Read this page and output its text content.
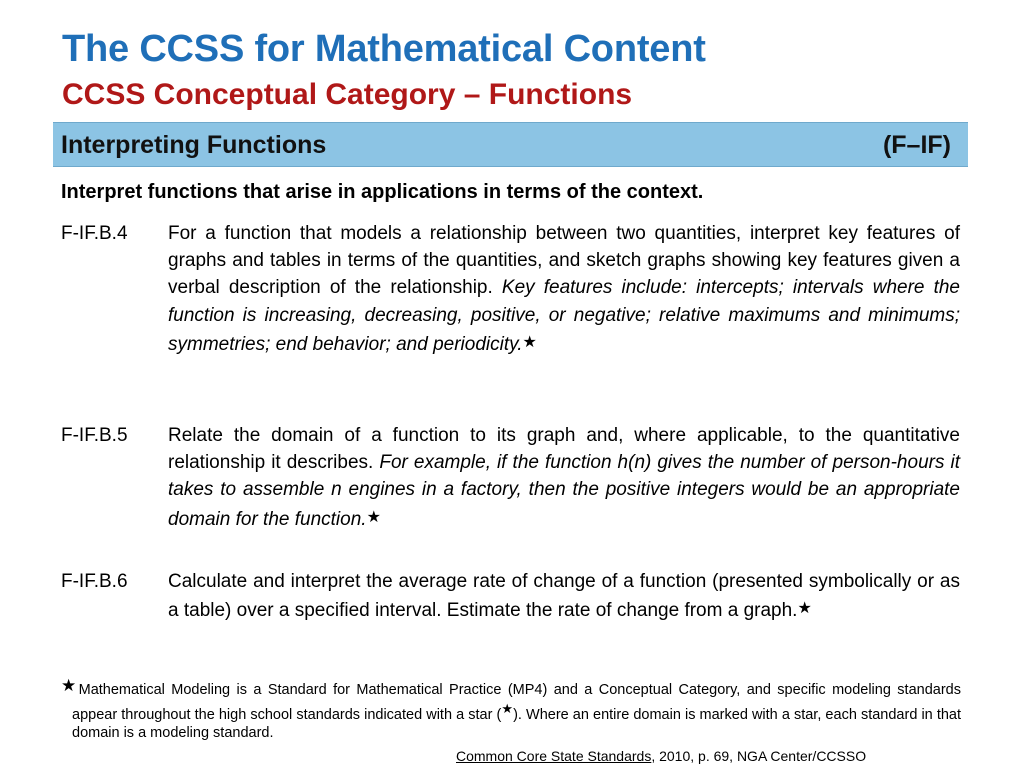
The CCSS for Mathematical Content
CCSS Conceptual Category – Functions
Interpreting Functions	(F–IF)
Interpret functions that arise in applications in terms of the context.
F-IF.B.4 For a function that models a relationship between two quantities, interpret key features of graphs and tables in terms of the quantities, and sketch graphs showing key features given a verbal description of the relationship. Key features include: intercepts; intervals where the function is increasing, decreasing, positive, or negative; relative maximums and minimums; symmetries; end behavior; and periodicity.★
F-IF.B.5 Relate the domain of a function to its graph and, where applicable, to the quantitative relationship it describes. For example, if the function h(n) gives the number of person-hours it takes to assemble n engines in a factory, then the positive integers would be an appropriate domain for the function.★
F-IF.B.6 Calculate and interpret the average rate of change of a function (presented symbolically or as a table) over a specified interval. Estimate the rate of change from a graph.★
★Mathematical Modeling is a Standard for Mathematical Practice (MP4) and a Conceptual Category, and specific modeling standards appear throughout the high school standards indicated with a star (★). Where an entire domain is marked with a star, each standard in that domain is a modeling standard.
Common Core State Standards, 2010, p. 69, NGA Center/CCSSO
